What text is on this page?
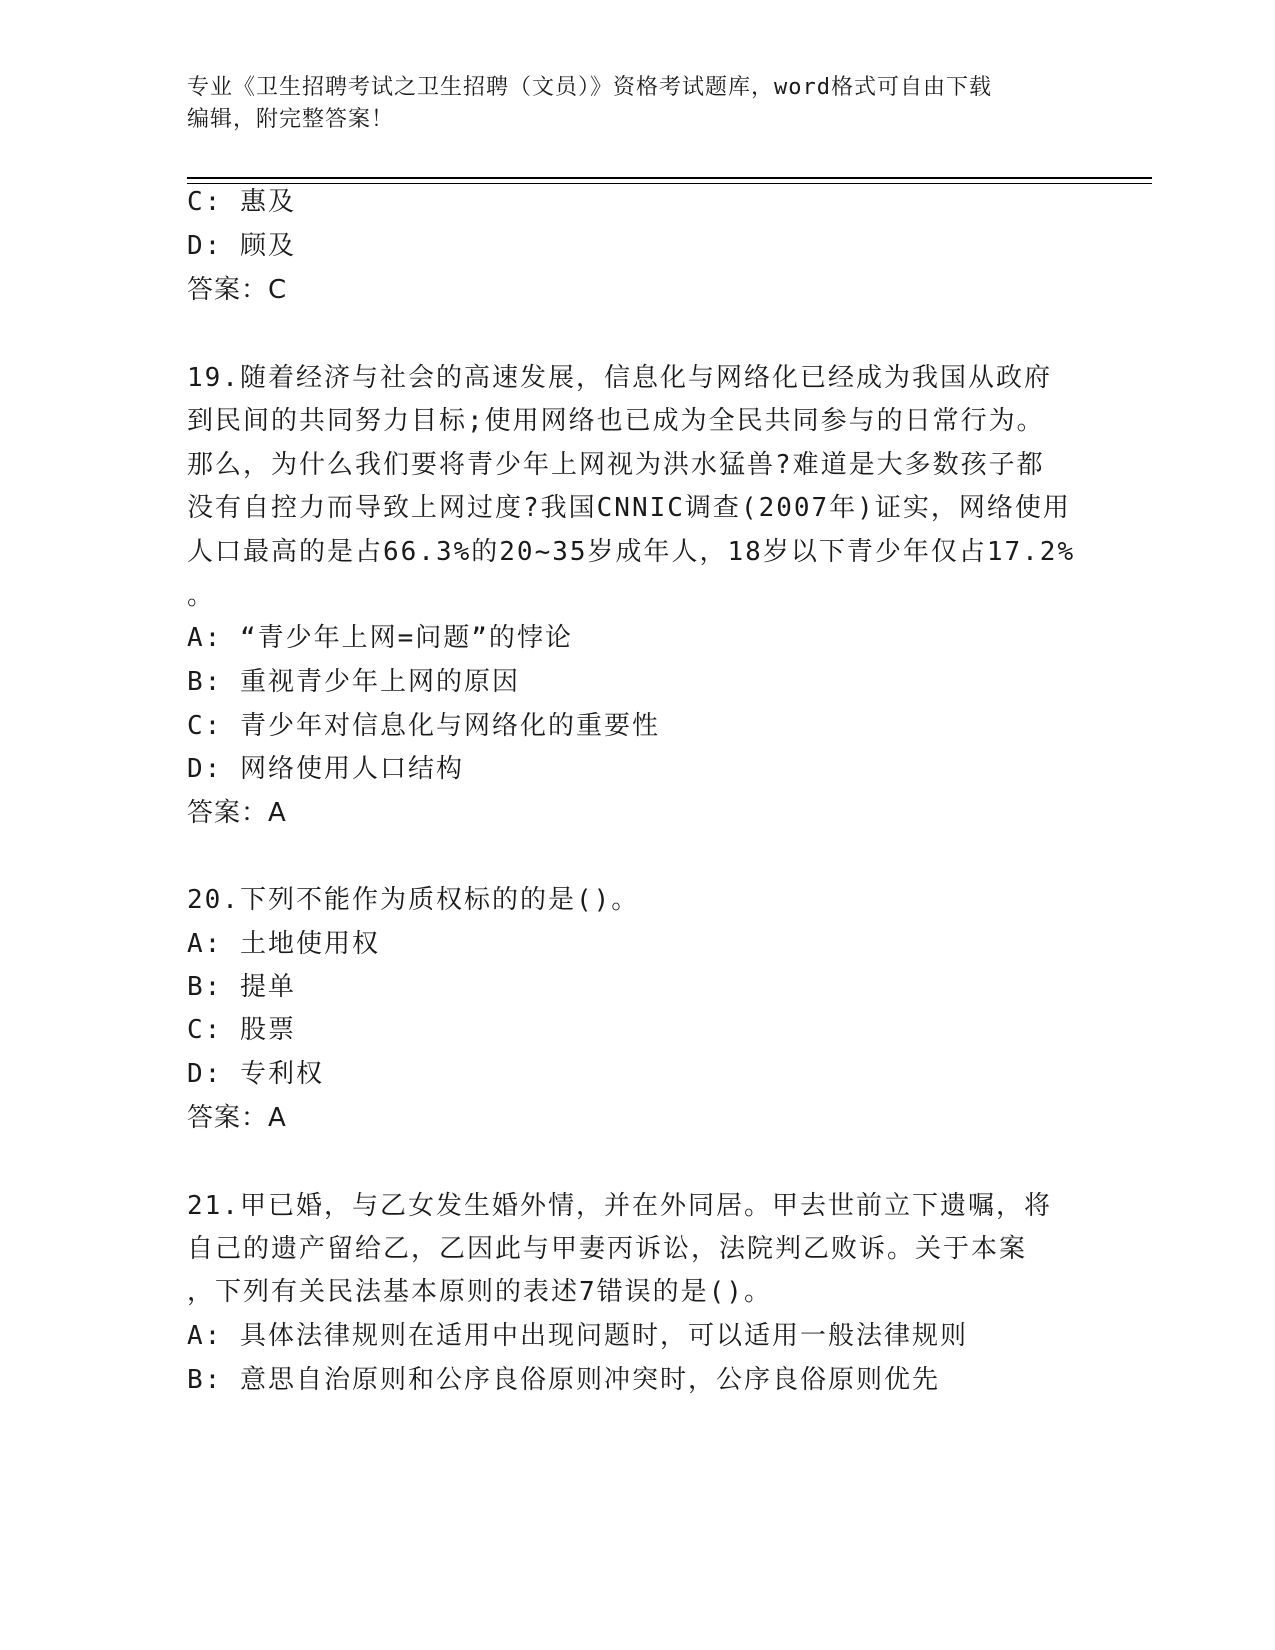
专业《卫生招聘考试之卫生招聘（文员）》资格考试题库，word格式可自由下载
编辑，附完整答案！
C: 惠及
D: 顾及
答案：C
19.随着经济与社会的高速发展，信息化与网络化已经成为我国从政府
到民间的共同努力目标;使用网络也已成为全民共同参与的日常行为。
那么，为什么我们要将青少年上网视为洪水猛兽?难道是大多数孩子都
没有自控力而导致上网过度?我国CNNIC调查(2007年)证实，网络使用
人口最高的是占66.3%的20~35岁成年人，18岁以下青少年仅占17.2%
。
A: “青少年上网=问题”的悖论
B: 重视青少年上网的原因
C: 青少年对信息化与网络化的重要性
D: 网络使用人口结构
答案：A
20.下列不能作为质权标的的是()。
A: 土地使用权
B: 提单
C: 股票
D: 专利权
答案：A
21.甲已婚，与乙女发生婚外情，并在外同居。甲去世前立下遗嘱，将
自己的遗产留给乙，乙因此与甲妻丙诉讼，法院判乙败诉。关于本案
，下列有关民法基本原则的表述7错误的是()。
A: 具体法律规则在适用中出现问题时，可以适用一般法律规则
B: 意思自治原则和公序良俗原则冲突时，公序良俗原则优先
